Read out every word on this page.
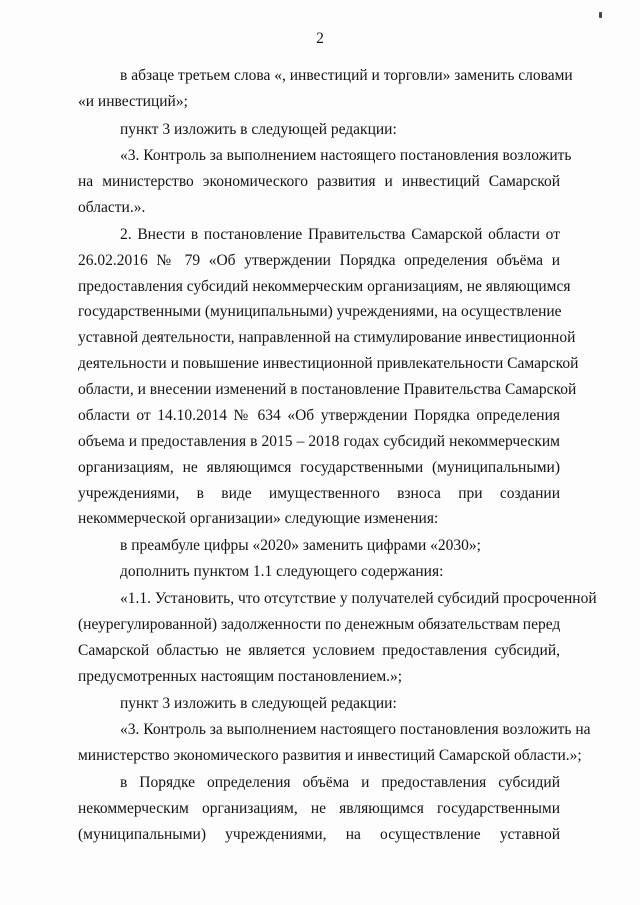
2
в абзаце третьем слова «, инвестиций и торговли» заменить словами
«и инвестиций»;
пункт 3 изложить в следующей редакции:
«3. Контроль за выполнением настоящего постановления возложить
на министерство экономического развития и инвестиций Самарской
области.».
2. Внести в постановление Правительства Самарской области от
26.02.2016 № 79 «Об утверждении Порядка определения объёма и
предоставления субсидий некоммерческим организациям, не являющимся
государственными (муниципальными) учреждениями, на осуществление
уставной деятельности, направленной на стимулирование инвестиционной
деятельности и повышение инвестиционной привлекательности Самарской
области, и внесении изменений в постановление Правительства Самарской
области от 14.10.2014 № 634 «Об утверждении Порядка определения
объема и предоставления в 2015 – 2018 годах субсидий некоммерческим
организациям, не являющимся государственными (муниципальными)
учреждениями, в виде имущественного взноса при создании
некоммерческой организации» следующие изменения:
в преамбуле цифры «2020» заменить цифрами «2030»;
дополнить пунктом 1.1 следующего содержания:
«1.1. Установить, что отсутствие у получателей субсидий просроченной
(неурегулированной) задолженности по денежным обязательствам перед
Самарской областью не является условием предоставления субсидий,
предусмотренных настоящим постановлением.»;
пункт 3 изложить в следующей редакции:
«3. Контроль за выполнением настоящего постановления возложить на
министерство экономического развития и инвестиций Самарской области.»;
в Порядке определения объёма и предоставления субсидий
некоммерческим организациям, не являющимся государственными
(муниципальными) учреждениями, на осуществление уставной
